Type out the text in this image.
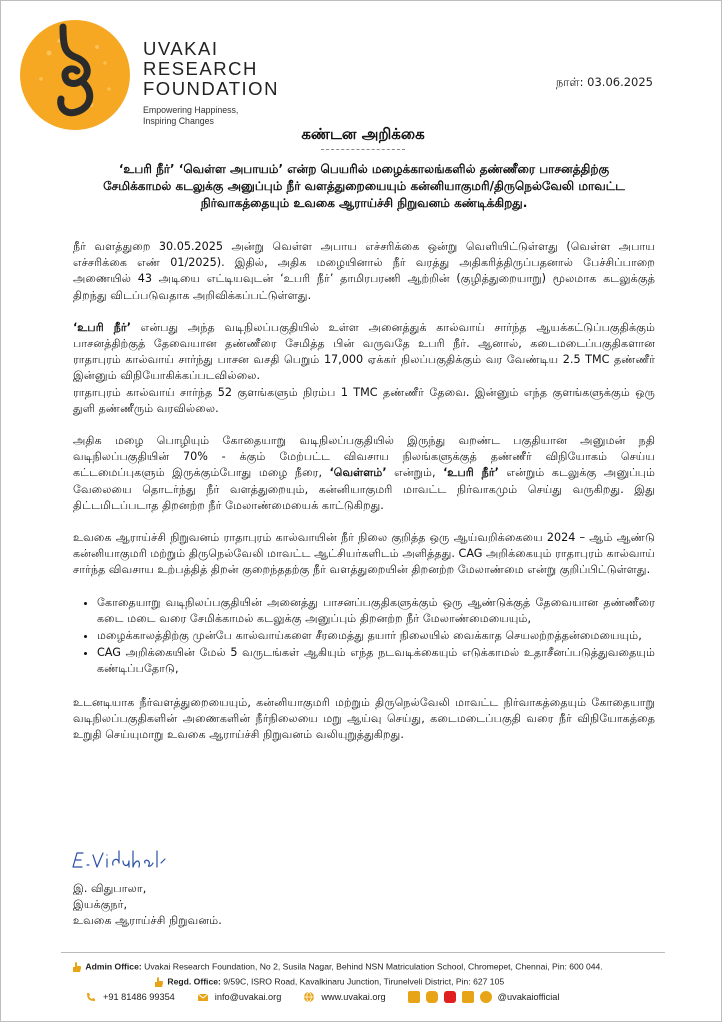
UVAKAI
RESEARCH
FOUNDATION
Empowering Happiness,
Inspiring Changes
நாள்: 03.06.2025
கண்டன அறிக்கை
‘உபரி நீர்’ ‘வெள்ள அபாயம்’ என்ற பெயரில் மழைக்காலங்களில் தண்ணீரை பாசனத்திற்கு சேமிக்காமல் கடலுக்கு அனுப்பும் நீர் வளத்துறையையும் கன்னியாகுமரி/திருநெல்வேலி மாவட்ட நிர்வாகத்தையும் உவகை ஆராய்ச்சி நிறுவனம் கண்டிக்கிறது.

நீர் வளத்துறை 30.05.2025 அன்று வெள்ள அபாய எச்சரிக்கை ஒன்று வெளியிட்டுள்ளது (வெள்ள அபாய எச்சரிக்கை எண் 01/2025). இதில், அதிக மழையினால் நீர் வரத்து அதிகரித்திருப்பதனால் பேச்சிப்பாறை அணையில் 43 அடியை எட்டியவுடன் ‘உபரி நீர்’ தாமிரபரணி ஆற்றின் (குழித்துறையாறு) மூலமாக கடலுக்குத் திறந்து விடப்படுவதாக அறிவிக்கப்பட்டுள்ளது.

‘உபரி நீர்’ என்பது அந்த வடிநிலப்பகுதியில் உள்ள அனைத்துக் கால்வாய் சார்ந்த ஆயக்கட்டுப்பகுதிக்கும் பாசனத்திற்குத் தேவையான தண்ணீரை சேமித்த பின் வருவதே உபரி நீர். ஆனால், கடைமடைப்பகுதிகளான ராதாபுரம் கால்வாய் சார்ந்து பாசன வசதி பெறும் 17,000 ஏக்கர் நிலப்பகுதிக்கும் வர வேண்டிய 2.5 TMC தண்ணீர் இன்னும் விநியோகிக்கப்படவில்லை.

ராதாபுரம் கால்வாய் சார்ந்த 52 குளங்களும் நிரம்ப 1 TMC தண்ணீர் தேவை. இன்னும் எந்த குளங்களுக்கும் ஒரு துளி தண்ணீரும் வரவில்லை.

அதிக மழை பொழியும் கோதையாறு வடிநிலப்பகுதியில் இருந்து வறண்ட பகுதியான அனுமன் நதி வடிநிலப்பகுதியின் 70% - க்கும் மேற்பட்ட விவசாய நிலங்களுக்குத் தண்ணீர் விநியோகம் செய்ய கட்டமைப்புகளும் இருக்கும்போது மழை நீரை, ‘வெள்ளம்’ என்றும், ‘உபரி நீர்’ என்றும் கடலுக்கு அனுப்பும் வேலையை தொடர்ந்து நீர் வளத்துறையும், கன்னியாகுமரி மாவட்ட நிர்வாகமும் செய்து வருகிறது. இது திட்டமிடப்படாத திறனற்ற நீர் மேலாண்மையைக் காட்டுகிறது.

உவகை ஆராய்ச்சி நிறுவனம் ராதாபுரம் கால்வாயின் நீர் நிலை குறித்த ஒரு ஆய்வறிக்கையை 2024 – ஆம் ஆண்டு கன்னியாகுமரி மற்றும் திருநெல்வேலி மாவட்ட ஆட்சியர்களிடம் அளித்தது. CAG அறிக்கையும் ராதாபுரம் கால்வாய் சார்ந்த விவசாய உற்பத்தித் திறன் குறைந்ததற்கு நீர் வளத்துறையின் திறனற்ற மேலாண்மை என்று குறிப்பிட்டுள்ளது.

• கோதையாறு வடிநிலப்பகுதியின் அனைத்து பாசனப்பகுதிகளுக்கும் ஒரு ஆண்டுக்குத் தேவையான தண்ணீரை கடை மடை வரை சேமிக்காமல் கடலுக்கு அனுப்பும் திறனற்ற நீர் மேலாண்மையையும்,
• மழைக்காலத்திற்கு முன்பே கால்வாய்களை சீரமைத்து தயார் நிலையில் வைக்காத செயலற்றத்தன்மையையும்,
• CAG அறிக்கையின் மேல் 5 வருடங்கள் ஆகியும் எந்த நடவடிக்கையும் எடுக்காமல் உதாசீனப்படுத்துவதையும் கண்டிப்பதோடு,

உடனடியாக நீர்வளத்துறையையும், கன்னியாகுமரி மற்றும் திருநெல்வேலி மாவட்ட நிர்வாகத்தையும் கோதையாறு வடிநிலப்பகுதிகளின் அணைகளின் நீர்நிலையை மறு ஆய்வு செய்து, கடைமடைப்பகுதி வரை நீர் விநியோகத்தை உறுதி செய்யுமாறு உவகை ஆராய்ச்சி நிறுவனம் வலியுறுத்துகிறது.

இ. விதுபாலா,
இயக்குநர்,
உவகை ஆராய்ச்சி நிறுவனம்.
Admin Office: Uvakai Research Foundation, No 2, Susila Nagar, Behind NSN Matriculation School, Chromepet, Chennai, Pin: 600 044.
Regd. Office: 9/59C, ISRO Road, Kavalkinaru Junction, Tirunelveli District, Pin: 627 105
+91 81486 99354	info@uvakai.org	www.uvakai.org	@uvakaiofficial
